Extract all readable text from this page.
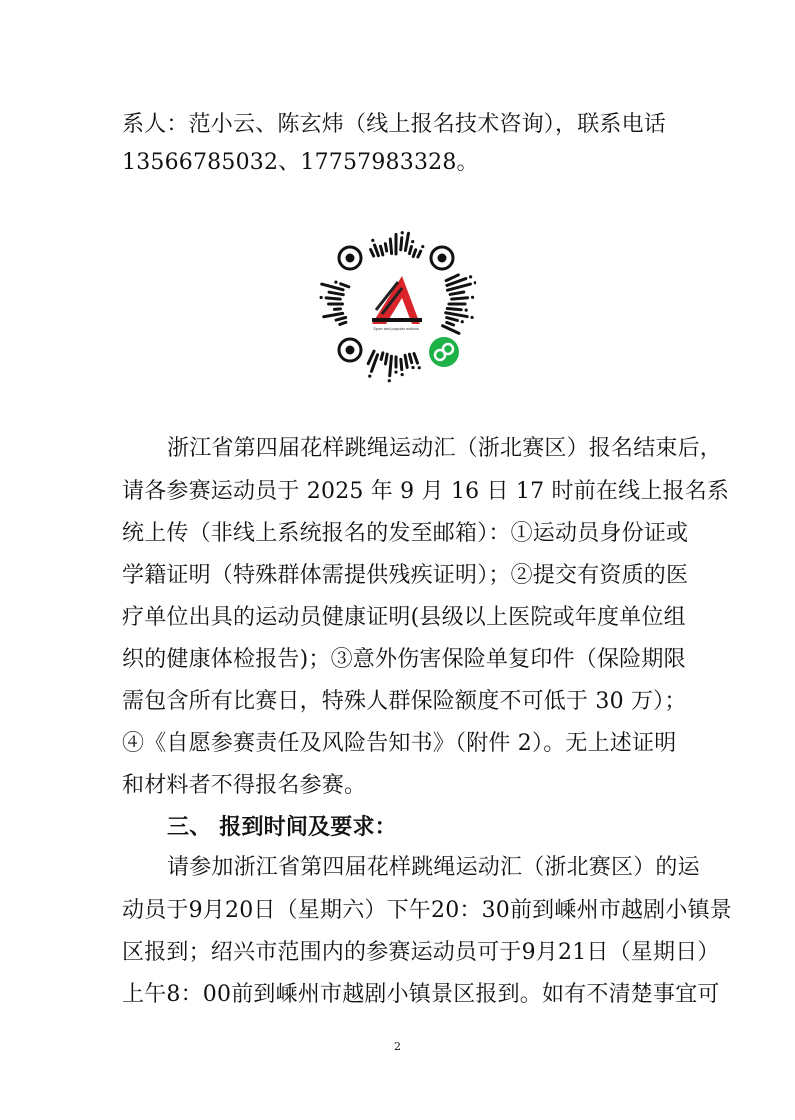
系人：范小云、陈玄炜（线上报名技术咨询），联系电话
13566785032、17757983328。
Sport and popular nations
浙江省第四届花样跳绳运动汇（浙北赛区）报名结束后，
请各参赛运动员于 2025 年 9 月 16 日 17 时前在线上报名系
统上传（非线上系统报名的发至邮箱）：①运动员身份证或
学籍证明（特殊群体需提供残疾证明）；②提交有资质的医
疗单位出具的运动员健康证明(县级以上医院或年度单位组
织的健康体检报告)；③意外伤害保险单复印件（保险期限
需包含所有比赛日，特殊人群保险额度不可低于 30 万）；
④《自愿参赛责任及风险告知书》（附件 2）。无上述证明
和材料者不得报名参赛。
三、 报到时间及要求：
请参加浙江省第四届花样跳绳运动汇（浙北赛区）的运
动员于9月20日（星期六）下午20：30前到嵊州市越剧小镇景
区报到；绍兴市范围内的参赛运动员可于9月21日（星期日）
上午8：00前到嵊州市越剧小镇景区报到。如有不清楚事宜可
2
